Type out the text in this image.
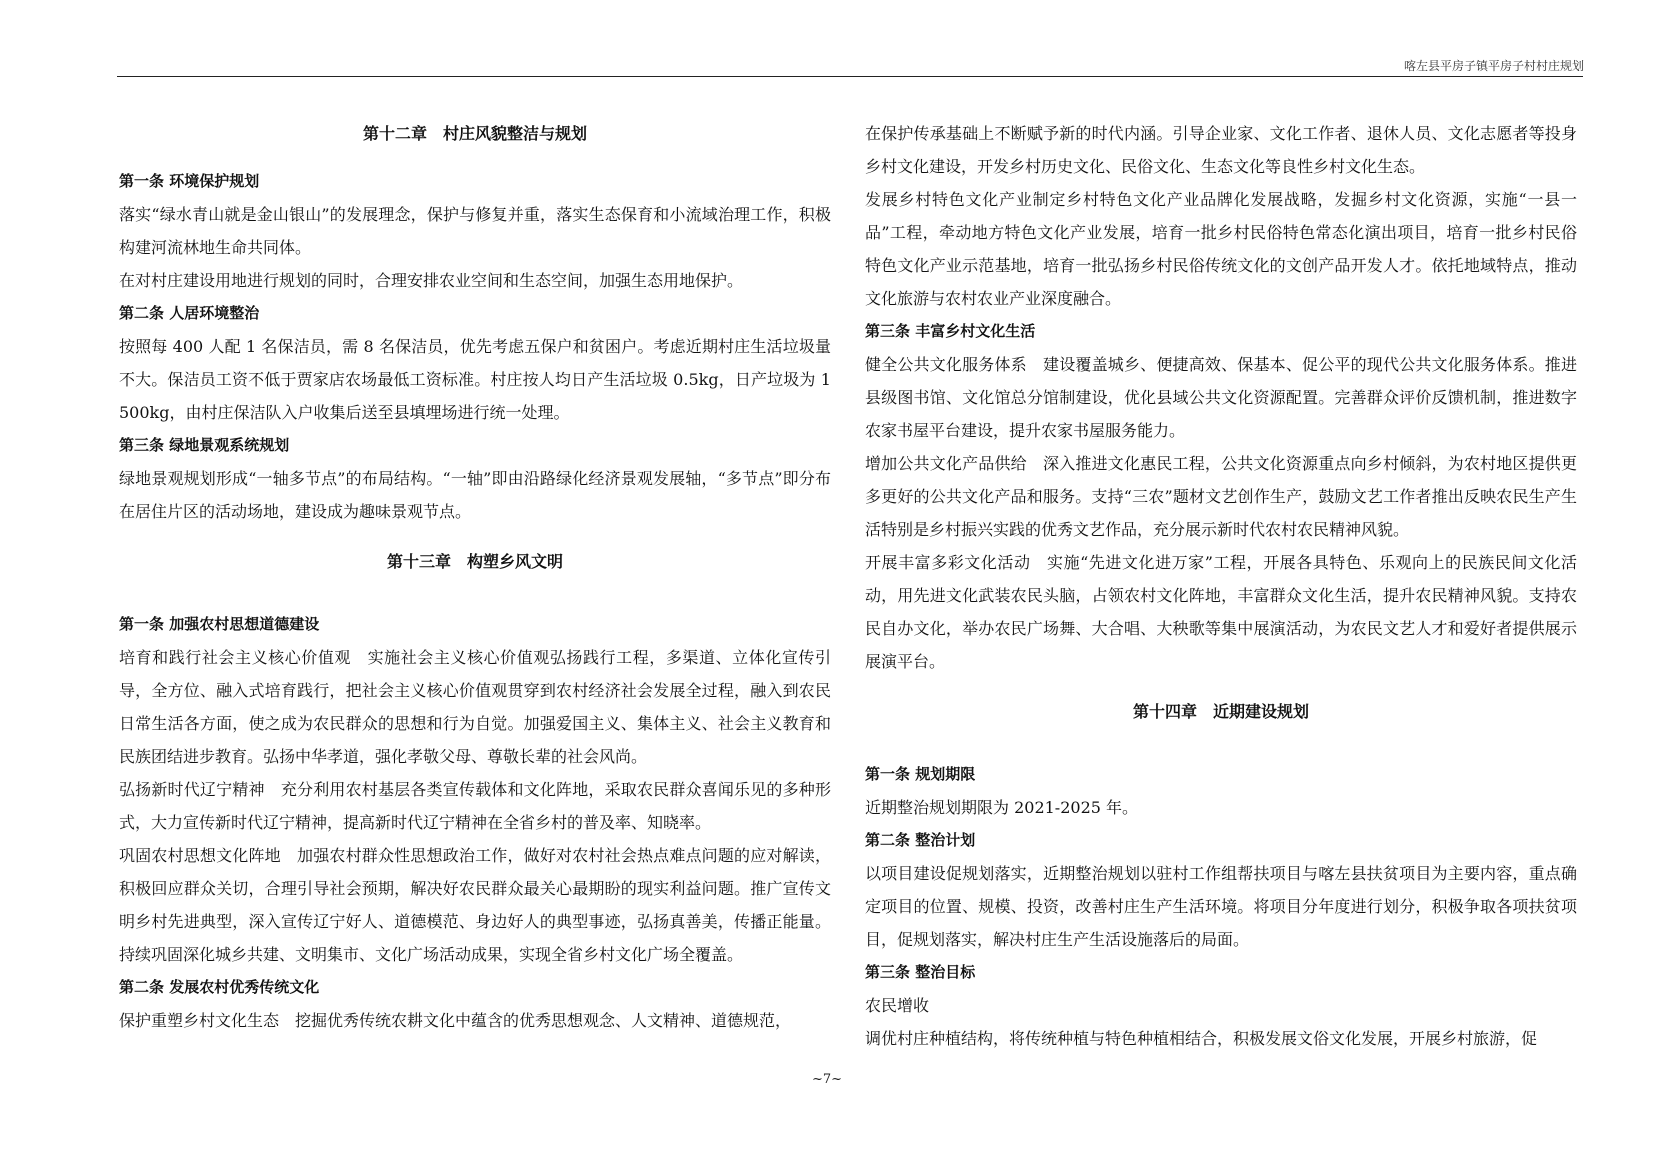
喀左县平房子镇平房子村村庄规划
第十二章　村庄风貌整洁与规划

第一条 环境保护规划

落实“绿水青山就是金山银山”的发展理念，保护与修复并重，落实生态保育和小流域治理工作，积极构建河流林地生命共同体。

在对村庄建设用地进行规划的同时，合理安排农业空间和生态空间，加强生态用地保护。

第二条 人居环境整治

按照每 400 人配 1 名保洁员，需 8 名保洁员，优先考虑五保户和贫困户。考虑近期村庄生活垃圾量不大。保洁员工资不低于贾家店农场最低工资标准。村庄按人均日产生活垃圾 0.5kg，日产垃圾为 1500kg，由村庄保洁队入户收集后送至县填埋场进行统一处理。

第三条 绿地景观系统规划

绿地景观规划形成“一轴多节点”的布局结构。“一轴”即由沿路绿化经济景观发展轴，“多节点”即分布在居住片区的活动场地，建设成为趣味景观节点。

第十三章　构塑乡风文明

第一条 加强农村思想道德建设

培育和践行社会主义核心价值观　实施社会主义核心价值观弘扬践行工程，多渠道、立体化宣传引导，全方位、融入式培育践行，把社会主义核心价值观贯穿到农村经济社会发展全过程，融入到农民日常生活各方面，使之成为农民群众的思想和行为自觉。加强爱国主义、集体主义、社会主义教育和民族团结进步教育。弘扬中华孝道，强化孝敬父母、尊敬长辈的社会风尚。

弘扬新时代辽宁精神　充分利用农村基层各类宣传载体和文化阵地，采取农民群众喜闻乐见的多种形式，大力宣传新时代辽宁精神，提高新时代辽宁精神在全省乡村的普及率、知晓率。

巩固农村思想文化阵地　加强农村群众性思想政治工作，做好对农村社会热点难点问题的应对解读，积极回应群众关切，合理引导社会预期，解决好农民群众最关心最期盼的现实利益问题。推广宣传文明乡村先进典型，深入宣传辽宁好人、道德模范、身边好人的典型事迹，弘扬真善美，传播正能量。持续巩固深化城乡共建、文明集市、文化广场活动成果，实现全省乡村文化广场全覆盖。

第二条 发展农村优秀传统文化

保护重塑乡村文化生态　挖掘优秀传统农耕文化中蕴含的优秀思想观念、人文精神、道德规范，

在保护传承基础上不断赋予新的时代内涵。引导企业家、文化工作者、退休人员、文化志愿者等投身乡村文化建设，开发乡村历史文化、民俗文化、生态文化等良性乡村文化生态。

发展乡村特色文化产业制定乡村特色文化产业品牌化发展战略，发掘乡村文化资源，实施“一县一品”工程，牵动地方特色文化产业发展，培育一批乡村民俗特色常态化演出项目，培育一批乡村民俗特色文化产业示范基地，培育一批弘扬乡村民俗传统文化的文创产品开发人才。依托地域特点，推动文化旅游与农村农业产业深度融合。

第三条 丰富乡村文化生活

健全公共文化服务体系　建设覆盖城乡、便捷高效、保基本、促公平的现代公共文化服务体系。推进县级图书馆、文化馆总分馆制建设，优化县域公共文化资源配置。完善群众评价反馈机制，推进数字农家书屋平台建设，提升农家书屋服务能力。

增加公共文化产品供给　深入推进文化惠民工程，公共文化资源重点向乡村倾斜，为农村地区提供更多更好的公共文化产品和服务。支持“三农”题材文艺创作生产，鼓励文艺工作者推出反映农民生产生活特别是乡村振兴实践的优秀文艺作品，充分展示新时代农村农民精神风貌。

开展丰富多彩文化活动　实施“先进文化进万家”工程，开展各具特色、乐观向上的民族民间文化活动，用先进文化武装农民头脑，占领农村文化阵地，丰富群众文化生活，提升农民精神风貌。支持农民自办文化，举办农民广场舞、大合唱、大秧歌等集中展演活动，为农民文艺人才和爱好者提供展示展演平台。

第十四章　近期建设规划

第一条 规划期限

近期整治规划期限为 2021-2025 年。

第二条 整治计划

以项目建设促规划落实，近期整治规划以驻村工作组帮扶项目与喀左县扶贫项目为主要内容，重点确定项目的位置、规模、投资，改善村庄生产生活环境。将项目分年度进行划分，积极争取各项扶贫项目，促规划落实，解决村庄生产生活设施落后的局面。

第三条 整治目标

农民增收

调优村庄种植结构，将传统种植与特色种植相结合，积极发展文俗文化发展，开展乡村旅游，促

~7~
